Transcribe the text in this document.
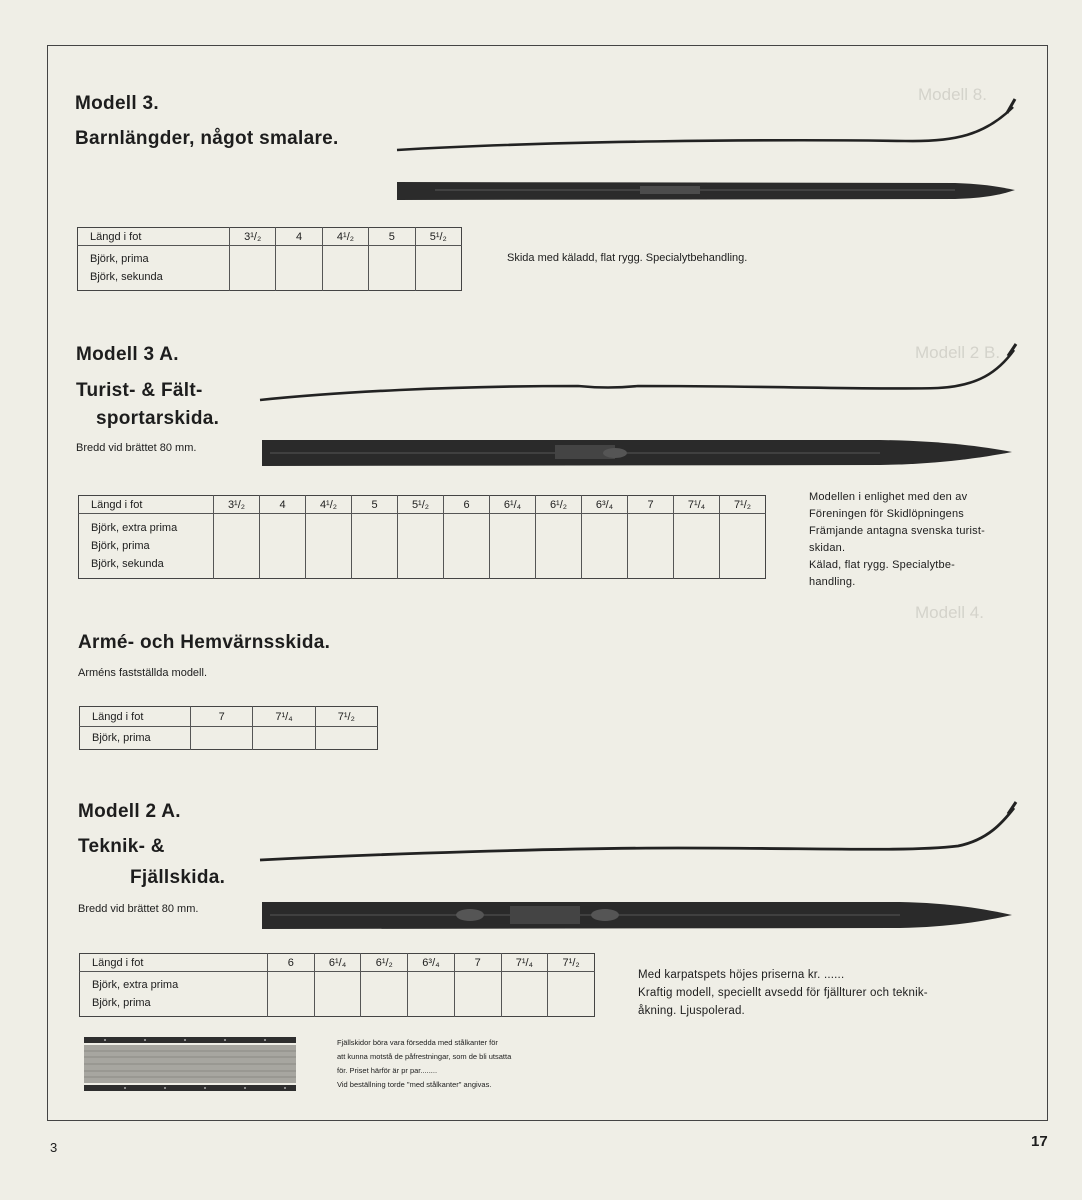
Modell 8.
Modell 2 B.
Modell 4.
Modell 3.
Barnlängder, något smalare.
Längd i fot	3¹/₂	4	4¹/₂	5	5¹/₂

Björk, prima
Björk, sekunda					

Skida med käladd, flat rygg. Specialytbehandling.
Modell 3 A.
Turist- & Fält-
sportarskida.
Bredd vid brättet 80 mm.
Längd i fot	3¹/₂	4	4¹/₂	5	5¹/₂	6	6¹/₄	6¹/₂	6³/₄	7	7¹/₄	7¹/₂

Björk, extra prima
Björk, prima
Björk, sekunda												

Modellen i enlighet med den av
Föreningen för Skidlöpningens
Främjande antagna svenska turist-
skidan.
Kälad, flat rygg. Specialytbe-
handling.
Armé- och Hemvärnsskida.
Arméns fastställda modell.
Längd i fot	7	7¹/₄	7¹/₂

Björk, prima			

Modell 2 A.
Teknik- &
Fjällskida.
Bredd vid brättet 80 mm.
Längd i fot	6	6¹/₄	6¹/₂	6³/₄	7	7¹/₄	7¹/₂

Björk, extra prima
Björk, prima							

Med karpatspets höjes priserna kr. ......
Kraftig modell, speciellt avsedd för fjällturer och teknik-
åkning. Ljuspolerad.
Fjällskidor böra vara försedda med stålkanter för
att kunna motstå de påfrestningar, som de bli utsatta
för. Priset härför är pr par........
Vid beställning torde "med stålkanter" angivas.
3	17
